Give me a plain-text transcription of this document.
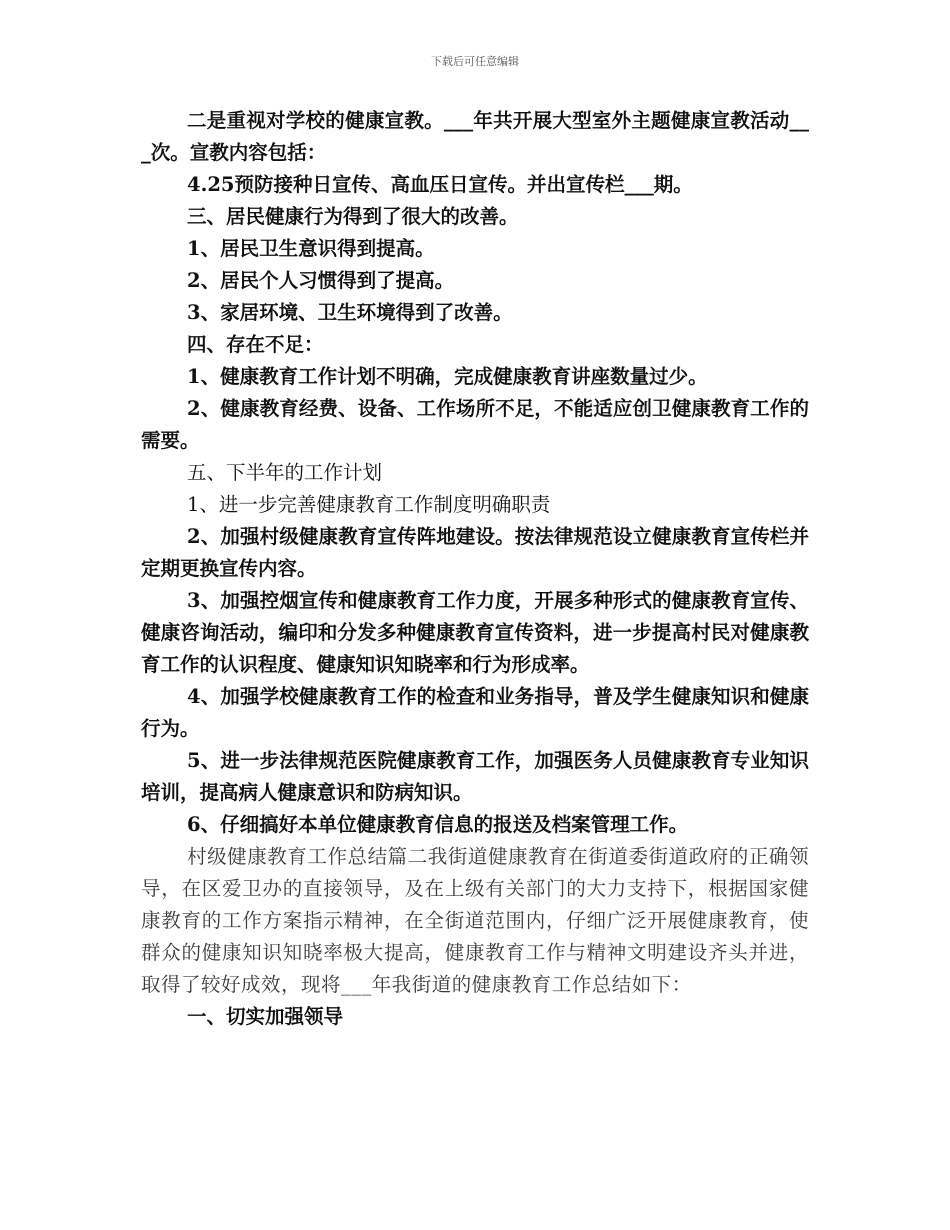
下载后可任意编辑

二是重视对学校的健康宣教。___年共开展大型室外主题健康宣教活动___次。宣教内容包括：

4.25预防接种日宣传、高血压日宣传。并出宣传栏___期。

三、居民健康行为得到了很大的改善。

1、居民卫生意识得到提高。

2、居民个人习惯得到了提高。

3、家居环境、卫生环境得到了改善。

四、存在不足：

1、健康教育工作计划不明确，完成健康教育讲座数量过少。

2、健康教育经费、设备、工作场所不足，不能适应创卫健康教育工作的需要。

五、下半年的工作计划

1、进一步完善健康教育工作制度明确职责

2、加强村级健康教育宣传阵地建设。按法律规范设立健康教育宣传栏并定期更换宣传内容。

3、加强控烟宣传和健康教育工作力度，开展多种形式的健康教育宣传、健康咨询活动，编印和分发多种健康教育宣传资料，进一步提高村民对健康教育工作的认识程度、健康知识知晓率和行为形成率。

4、加强学校健康教育工作的检查和业务指导，普及学生健康知识和健康行为。

5、进一步法律规范医院健康教育工作，加强医务人员健康教育专业知识培训，提高病人健康意识和防病知识。

6、仔细搞好本单位健康教育信息的报送及档案管理工作。

村级健康教育工作总结篇二我街道健康教育在街道委街道政府的正确领导，在区爱卫办的直接领导，及在上级有关部门的大力支持下，根据国家健康教育的工作方案指示精神，在全街道范围内，仔细广泛开展健康教育，使群众的健康知识知晓率极大提高，健康教育工作与精神文明建设齐头并进，取得了较好成效，现将___年我街道的健康教育工作总结如下：

一、切实加强领导
